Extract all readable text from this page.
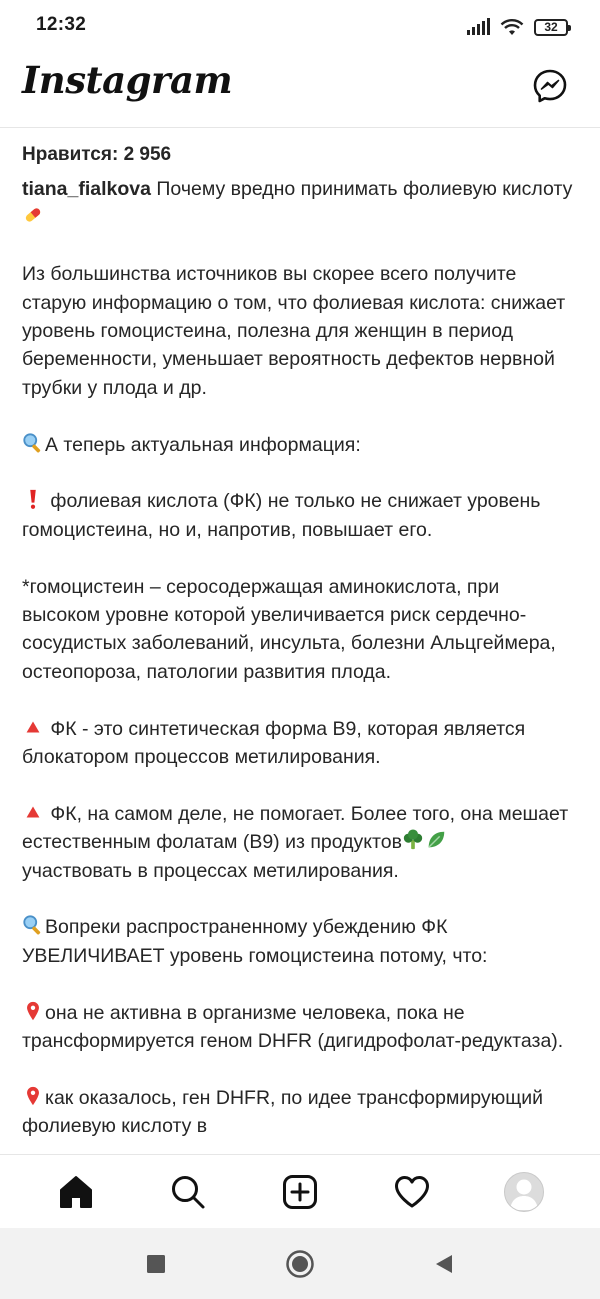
12:32	32
Instagram
Нравится: 2 956

tiana_fialkova Почему вредно принимать фолиевую кислоту

Из большинства источников вы скорее всего получите старую информацию о том, что фолиевая кислота: снижает уровень гомоцистеина, полезна для женщин в период беременности, уменьшает вероятность дефектов нервной трубки у плода и др.

А теперь актуальная информация:

фолиевая кислота (ФК) не только не снижает уровень гомоцистеина, но и, напротив, повышает его.

*гомоцистеин – серосодержащая аминокислота, при высоком уровне которой увеличивается риск сердечно-сосудистых заболеваний, инсульта, болезни Альцгеймера, остеопороза, патологии развития плода.

ФК - это синтетическая форма В9, которая является блокатором процессов метилирования.

ФК, на самом деле, не помогает. Более того, она мешает естественным фолатам (В9) из продуктов
участвовать в процессах метилирования.

Вопреки распространенному убеждению ФК УВЕЛИЧИВАЕТ уровень гомоцистеина потому, что:

она не активна в организме человека, пока не трансформируется геном DHFR (дигидрофолат-редуктаза).

как оказалось, ген DHFR, по идее трансформирующий фолиевую кислоту в
